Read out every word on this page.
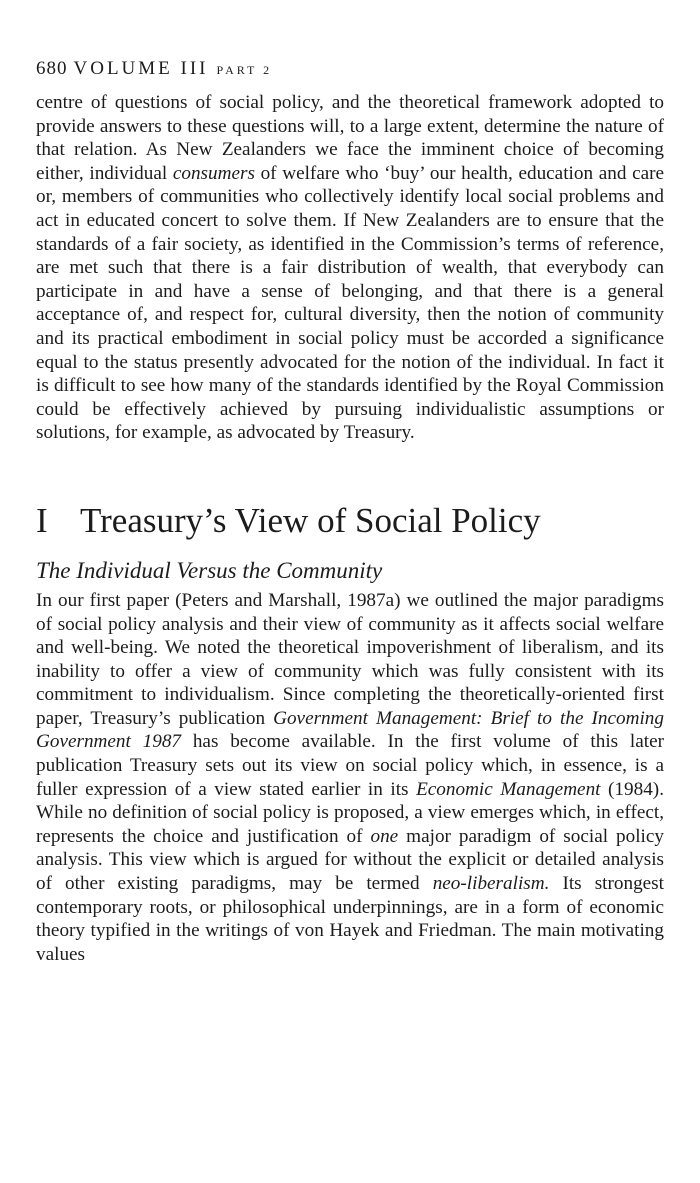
680 VOLUME III PART 2

centre of questions of social policy, and the theoretical framework adopted to provide answers to these questions will, to a large extent, determine the nature of that relation. As New Zealanders we face the imminent choice of becoming either, individual consumers of welfare who ‘buy’ our health, education and care or, members of communities who collectively identify local social problems and act in educated concert to solve them. If New Zealanders are to ensure that the standards of a fair society, as identified in the Commission’s terms of reference, are met such that there is a fair distribution of wealth, that everybody can participate in and have a sense of belonging, and that there is a general acceptance of, and respect for, cultural diversity, then the notion of community and its practical embodiment in social policy must be accorded a significance equal to the status presently advocated for the notion of the individual. In fact it is difficult to see how many of the standards identified by the Royal Commission could be effectively achieved by pursuing individualistic assumptions or solutions, for example, as advocated by Treasury.

I Treasury’s View of Social Policy
The Individual Versus the Community

In our first paper (Peters and Marshall, 1987a) we outlined the major paradigms of social policy analysis and their view of community as it affects social welfare and well-being. We noted the theoretical impoverishment of liberalism, and its inability to offer a view of community which was fully consistent with its commitment to individualism. Since completing the theoretically-oriented first paper, Treasury’s publication Government Management: Brief to the Incoming Government 1987 has become available. In the first volume of this later publication Treasury sets out its view on social policy which, in essence, is a fuller expression of a view stated earlier in its Economic Management (1984). While no definition of social policy is proposed, a view emerges which, in effect, represents the choice and justification of one major paradigm of social policy analysis. This view which is argued for without the explicit or detailed analysis of other existing paradigms, may be termed neo-liberalism. Its strongest contemporary roots, or philosophical underpinnings, are in a form of economic theory typified in the writings of von Hayek and Friedman. The main motivating values
